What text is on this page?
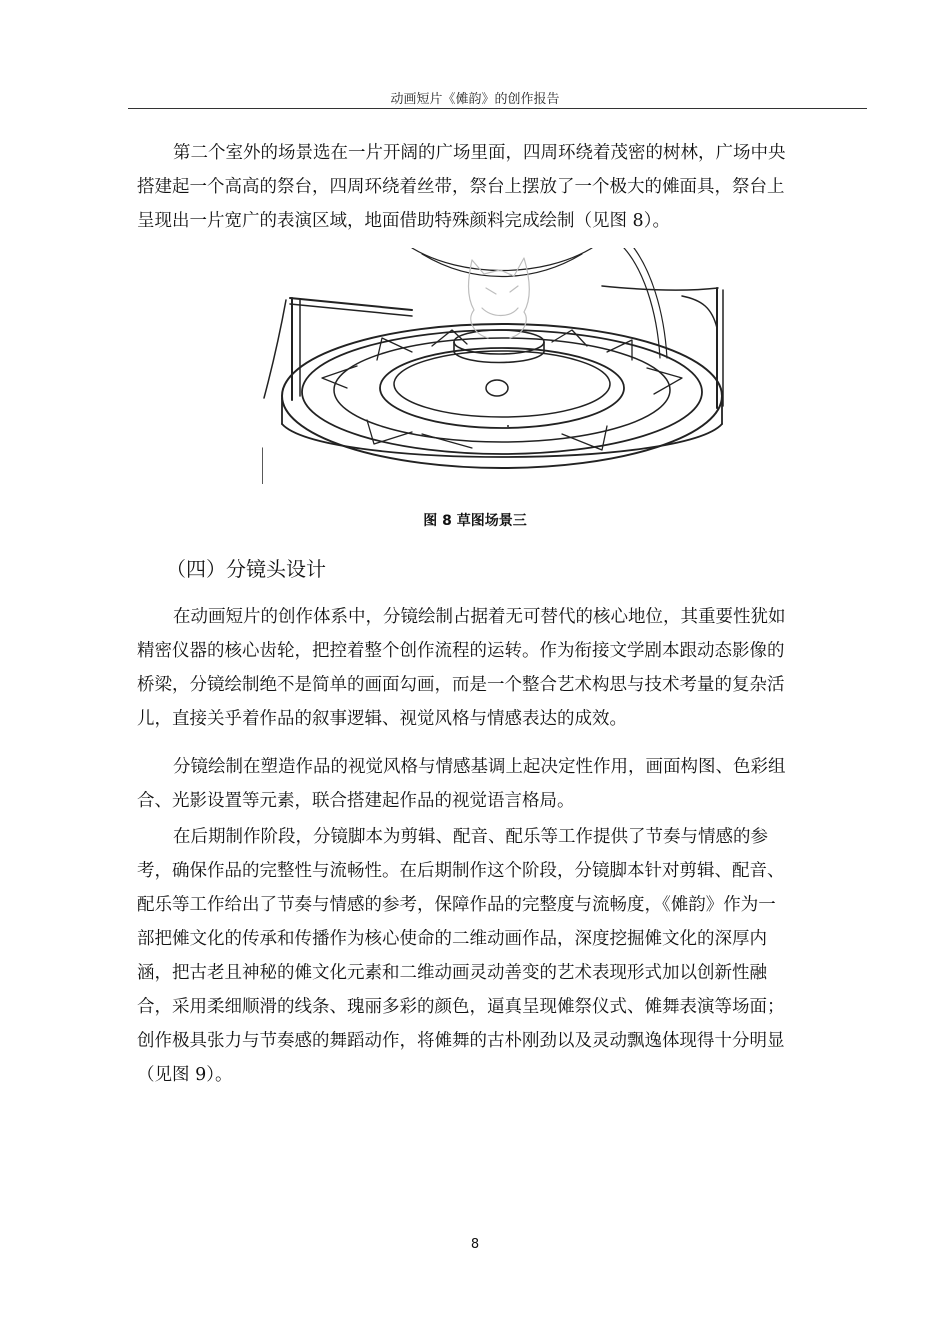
动画短片《傩韵》的创作报告
第二个室外的场景选在一片开阔的广场里面，四周环绕着茂密的树林，广场中央
搭建起一个高高的祭台，四周环绕着丝带，祭台上摆放了一个极大的傩面具，祭台上
呈现出一片宽广的表演区域，地面借助特殊颜料完成绘制（见图 8）。
图 8 草图场景三
（四）分镜头设计
在动画短片的创作体系中，分镜绘制占据着无可替代的核心地位，其重要性犹如
精密仪器的核心齿轮，把控着整个创作流程的运转。作为衔接文学剧本跟动态影像的
桥梁，分镜绘制绝不是简单的画面勾画，而是一个整合艺术构思与技术考量的复杂活
儿，直接关乎着作品的叙事逻辑、视觉风格与情感表达的成效。
分镜绘制在塑造作品的视觉风格与情感基调上起决定性作用，画面构图、色彩组
合、光影设置等元素，联合搭建起作品的视觉语言格局。
在后期制作阶段，分镜脚本为剪辑、配音、配乐等工作提供了节奏与情感的参
考，确保作品的完整性与流畅性。在后期制作这个阶段，分镜脚本针对剪辑、配音、
配乐等工作给出了节奏与情感的参考，保障作品的完整度与流畅度，《傩韵》作为一
部把傩文化的传承和传播作为核心使命的二维动画作品，深度挖掘傩文化的深厚内
涵，把古老且神秘的傩文化元素和二维动画灵动善变的艺术表现形式加以创新性融
合，采用柔细顺滑的线条、瑰丽多彩的颜色，逼真呈现傩祭仪式、傩舞表演等场面；
创作极具张力与节奏感的舞蹈动作，将傩舞的古朴刚劲以及灵动飘逸体现得十分明显
（见图 9）。
8
